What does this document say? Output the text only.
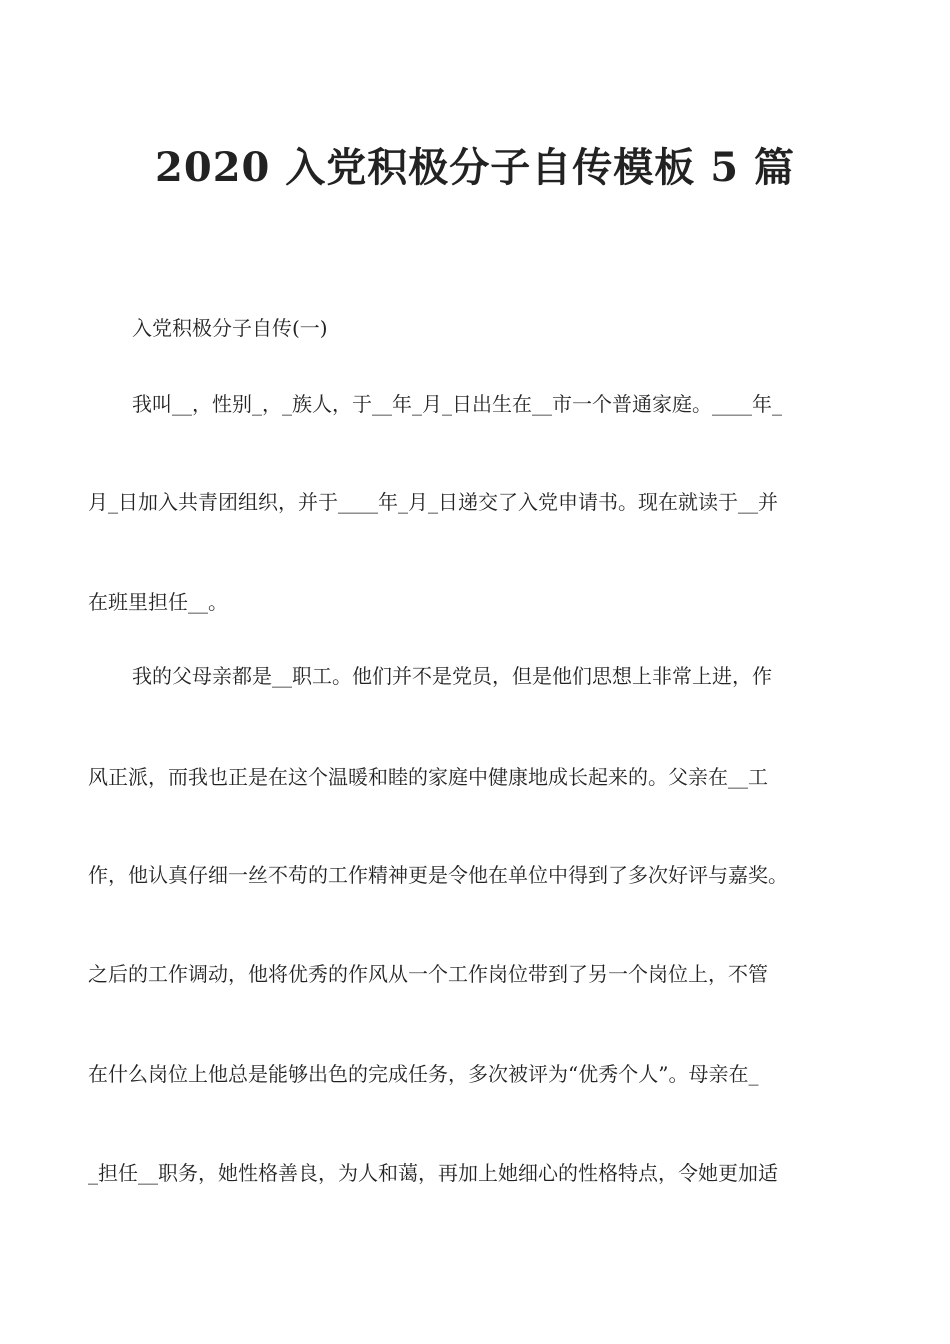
2020 入党积极分子自传模板 5 篇
入党积极分子自传(一)
我叫__，性别_，_族人，于__年_月_日出生在__市一个普通家庭。____年_
月_日加入共青团组织，并于____年_月_日递交了入党申请书。现在就读于__并
在班里担任__。
我的父母亲都是__职工。他们并不是党员，但是他们思想上非常上进，作
风正派，而我也正是在这个温暖和睦的家庭中健康地成长起来的。父亲在__工
作，他认真仔细一丝不苟的工作精神更是令他在单位中得到了多次好评与嘉奖。
之后的工作调动，他将优秀的作风从一个工作岗位带到了另一个岗位上，不管
在什么岗位上他总是能够出色的完成任务，多次被评为“优秀个人”。母亲在_
_担任__职务，她性格善良，为人和蔼，再加上她细心的性格特点，令她更加适
